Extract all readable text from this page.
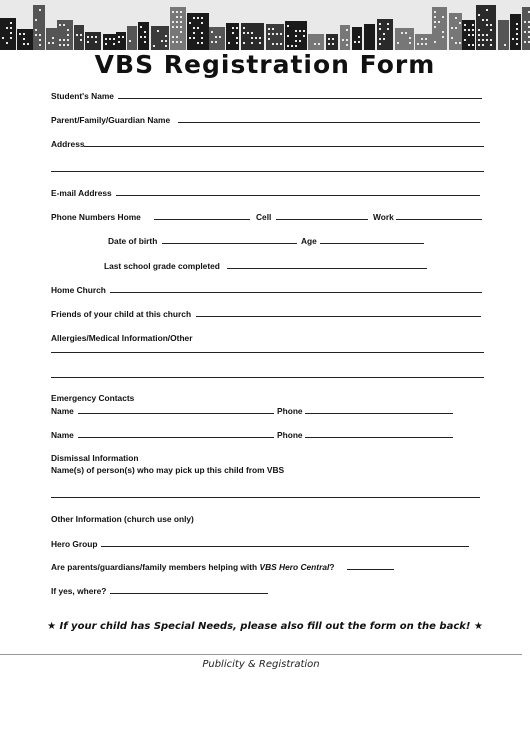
VBS Registration Form
Student's Name
Parent/Family/Guardian Name
Address
E-mail Address
Phone Numbers Home	Cell	Work
Date of birth	Age
Last school grade completed
Home Church
Friends of your child at this church
Allergies/Medical Information/Other
Emergency Contacts
Name	Phone
Name	Phone
Dismissal Information
Name(s) of person(s) who may pick up this child from VBS
Other Information (church use only)
Hero Group
Are parents/guardians/family members helping with VBS Hero Central?
If yes, where?
★ If your child has Special Needs, please also fill out the form on the back! ★
Publicity & Registration
